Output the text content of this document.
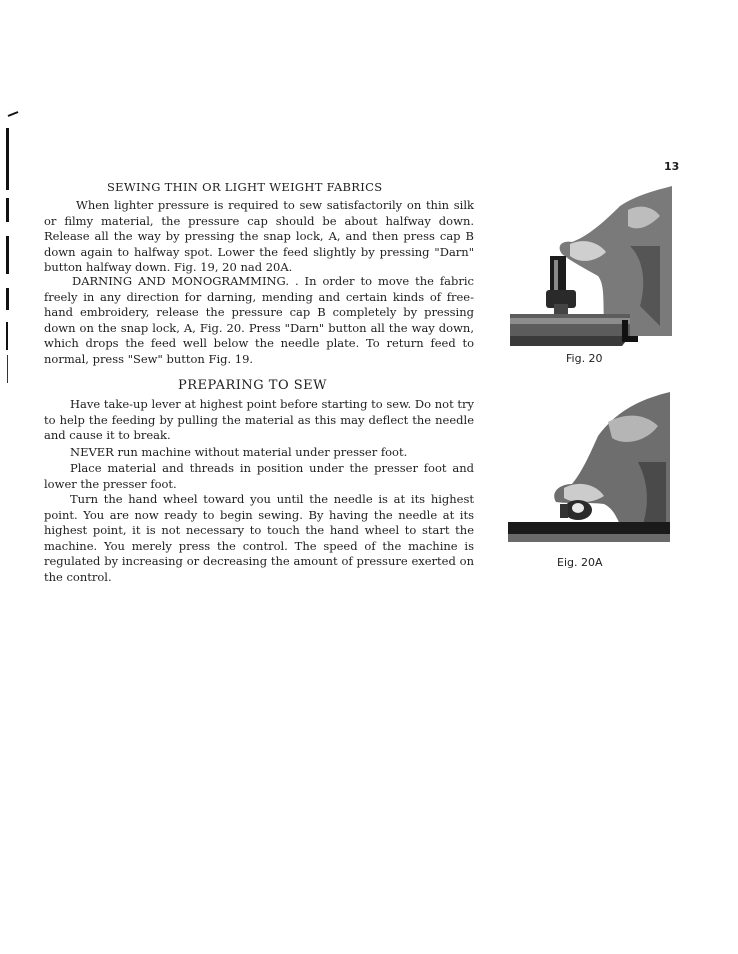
13
SEWING THIN OR LIGHT WEIGHT FABRICS
When lighter pressure is required to sew satisfactorily on thin silk or filmy material, the pressure cap should be about halfway down. Release all the way by pressing the snap lock, A, and then press cap B down again to halfway spot. Lower the feed slightly by pressing "Darn" button halfway down. Fig. 19, 20 nad 20A.
DARNING AND MONOGRAMMING. . In order to move the fabric freely in any direction for darning, mending and certain kinds of free-hand embroidery, release the pressure cap B completely by pressing down on the snap lock, A, Fig. 20. Press "Darn" button all the way down, which drops the feed well below the needle plate. To return feed to normal, press "Sew" button Fig. 19.
PREPARING TO SEW
Have take-up lever at highest point before starting to sew. Do not try to help the feeding by pulling the material as this may deflect the needle and cause it to break.
NEVER run machine without material under presser foot.
Place material and threads in position under the presser foot and lower the presser foot.
Turn the hand wheel toward you until the needle is at its highest point. You are now ready to begin sewing. By having the needle at its highest point, it is not necessary to touch the hand wheel to start the machine. You merely press the control. The speed of the machine is regulated by increasing or decreasing the amount of pressure exerted on the control.
Fig. 20
Eig. 20A
